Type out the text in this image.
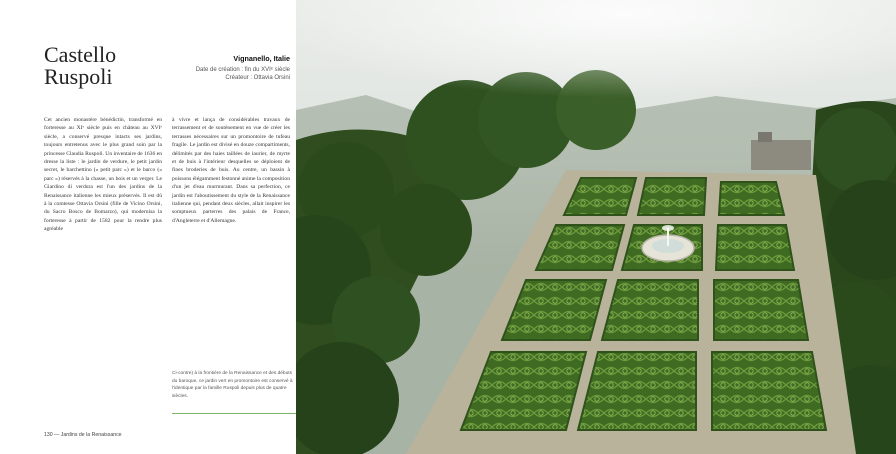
Castello
Ruspoli
Vignanello, Italie
Date de création : fin du XVIᵉ siècle
Créateur : Ottavia Orsini
Cet ancien monastère bénédictin, transformé en forteresse au XIᵉ siècle puis en château au XVIᵉ siècle, a conservé presque intacts ses jardins, toujours entretenus avec le plus grand soin par la princesse Claudia Ruspoli. Un inventaire de 1636 en dresse la liste : le jardin de verdure, le petit jardin secret, le barchettino (« petit parc ») et le barco (« parc ») réservés à la chasse, un bois et un verger. Le Giardino di verdura est l'un des jardins de la Renaissance italienne les mieux préservés. Il est dû à la comtesse Ottavia Orsini (fille de Vicino Orsini, du Sacro Bosco de Bomarzo), qui modernisa la forteresse à partir de 1582 pour la rendre plus agréable
à vivre et lança de considérables travaux de terrassement et de soutènement en vue de créer les terrasses nécessaires sur un promontoire de tufeau fragile. Le jardin est divisé en douze compartiments, délimités par des haies taillées de laurier, de myrte et de buis à l'intérieur desquelles se déploient de fines broderies de buis. Au centre, un bassin à poissons élégamment festonné anime la composition d'un jet d'eau murmurant. Dans sa perfection, ce jardin est l'aboutissement du style de la Renaissance italienne qui, pendant deux siècles, allait inspirer les somptueux parterres des palais de France, d'Angleterre et d'Allemagne.
Ci-contre) à la frontière de la Renaissance et des débuts du baroque, ce jardin vert en promontoire est conservé à l'identique par la famille Ruspoli depuis plus de quatre siècles.
130 — Jardins de la Renaissance
